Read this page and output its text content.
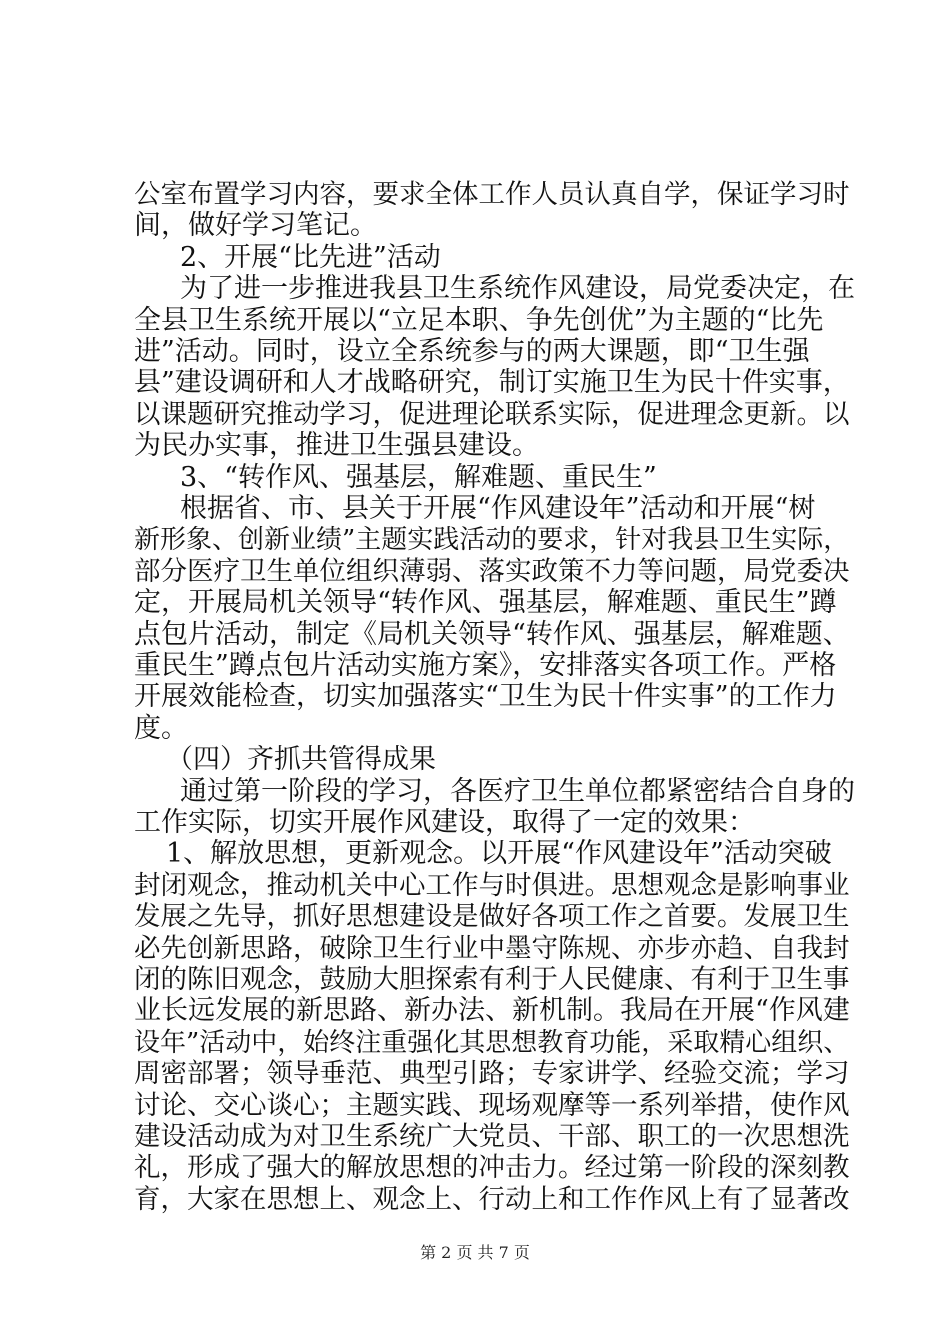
公室布置学习内容，要求全体工作人员认真自学，保证学习时
间，做好学习笔记。
2、开展“比先进”活动
为了进一步推进我县卫生系统作风建设，局党委决定，在
全县卫生系统开展以“立足本职、争先创优”为主题的“比先
进”活动。同时，设立全系统参与的两大课题，即“卫生强
县”建设调研和人才战略研究，制订实施卫生为民十件实事，
以课题研究推动学习，促进理论联系实际，促进理念更新。以
为民办实事，推进卫生强县建设。
3、“转作风、强基层，解难题、重民生”
根据省、市、县关于开展“作风建设年”活动和开展“树
新形象、创新业绩”主题实践活动的要求，针对我县卫生实际，
部分医疗卫生单位组织薄弱、落实政策不力等问题，局党委决
定，开展局机关领导“转作风、强基层，解难题、重民生”蹲
点包片活动，制定《局机关领导“转作风、强基层，解难题、
重民生”蹲点包片活动实施方案》，安排落实各项工作。严格
开展效能检查，切实加强落实“卫生为民十件实事”的工作力
度。
（四）齐抓共管得成果
通过第一阶段的学习，各医疗卫生单位都紧密结合自身的
工作实际，切实开展作风建设，取得了一定的效果：
1、解放思想，更新观念。以开展“作风建设年”活动突破
封闭观念，推动机关中心工作与时俱进。思想观念是影响事业
发展之先导，抓好思想建设是做好各项工作之首要。发展卫生
必先创新思路，破除卫生行业中墨守陈规、亦步亦趋、自我封
闭的陈旧观念，鼓励大胆探索有利于人民健康、有利于卫生事
业长远发展的新思路、新办法、新机制。我局在开展“作风建
设年”活动中，始终注重强化其思想教育功能，采取精心组织、
周密部署；领导垂范、典型引路；专家讲学、经验交流；学习
讨论、交心谈心；主题实践、现场观摩等一系列举措，使作风
建设活动成为对卫生系统广大党员、干部、职工的一次思想洗
礼，形成了强大的解放思想的冲击力。经过第一阶段的深刻教
育，大家在思想上、观念上、行动上和工作作风上有了显著改
第 2 页 共 7 页
